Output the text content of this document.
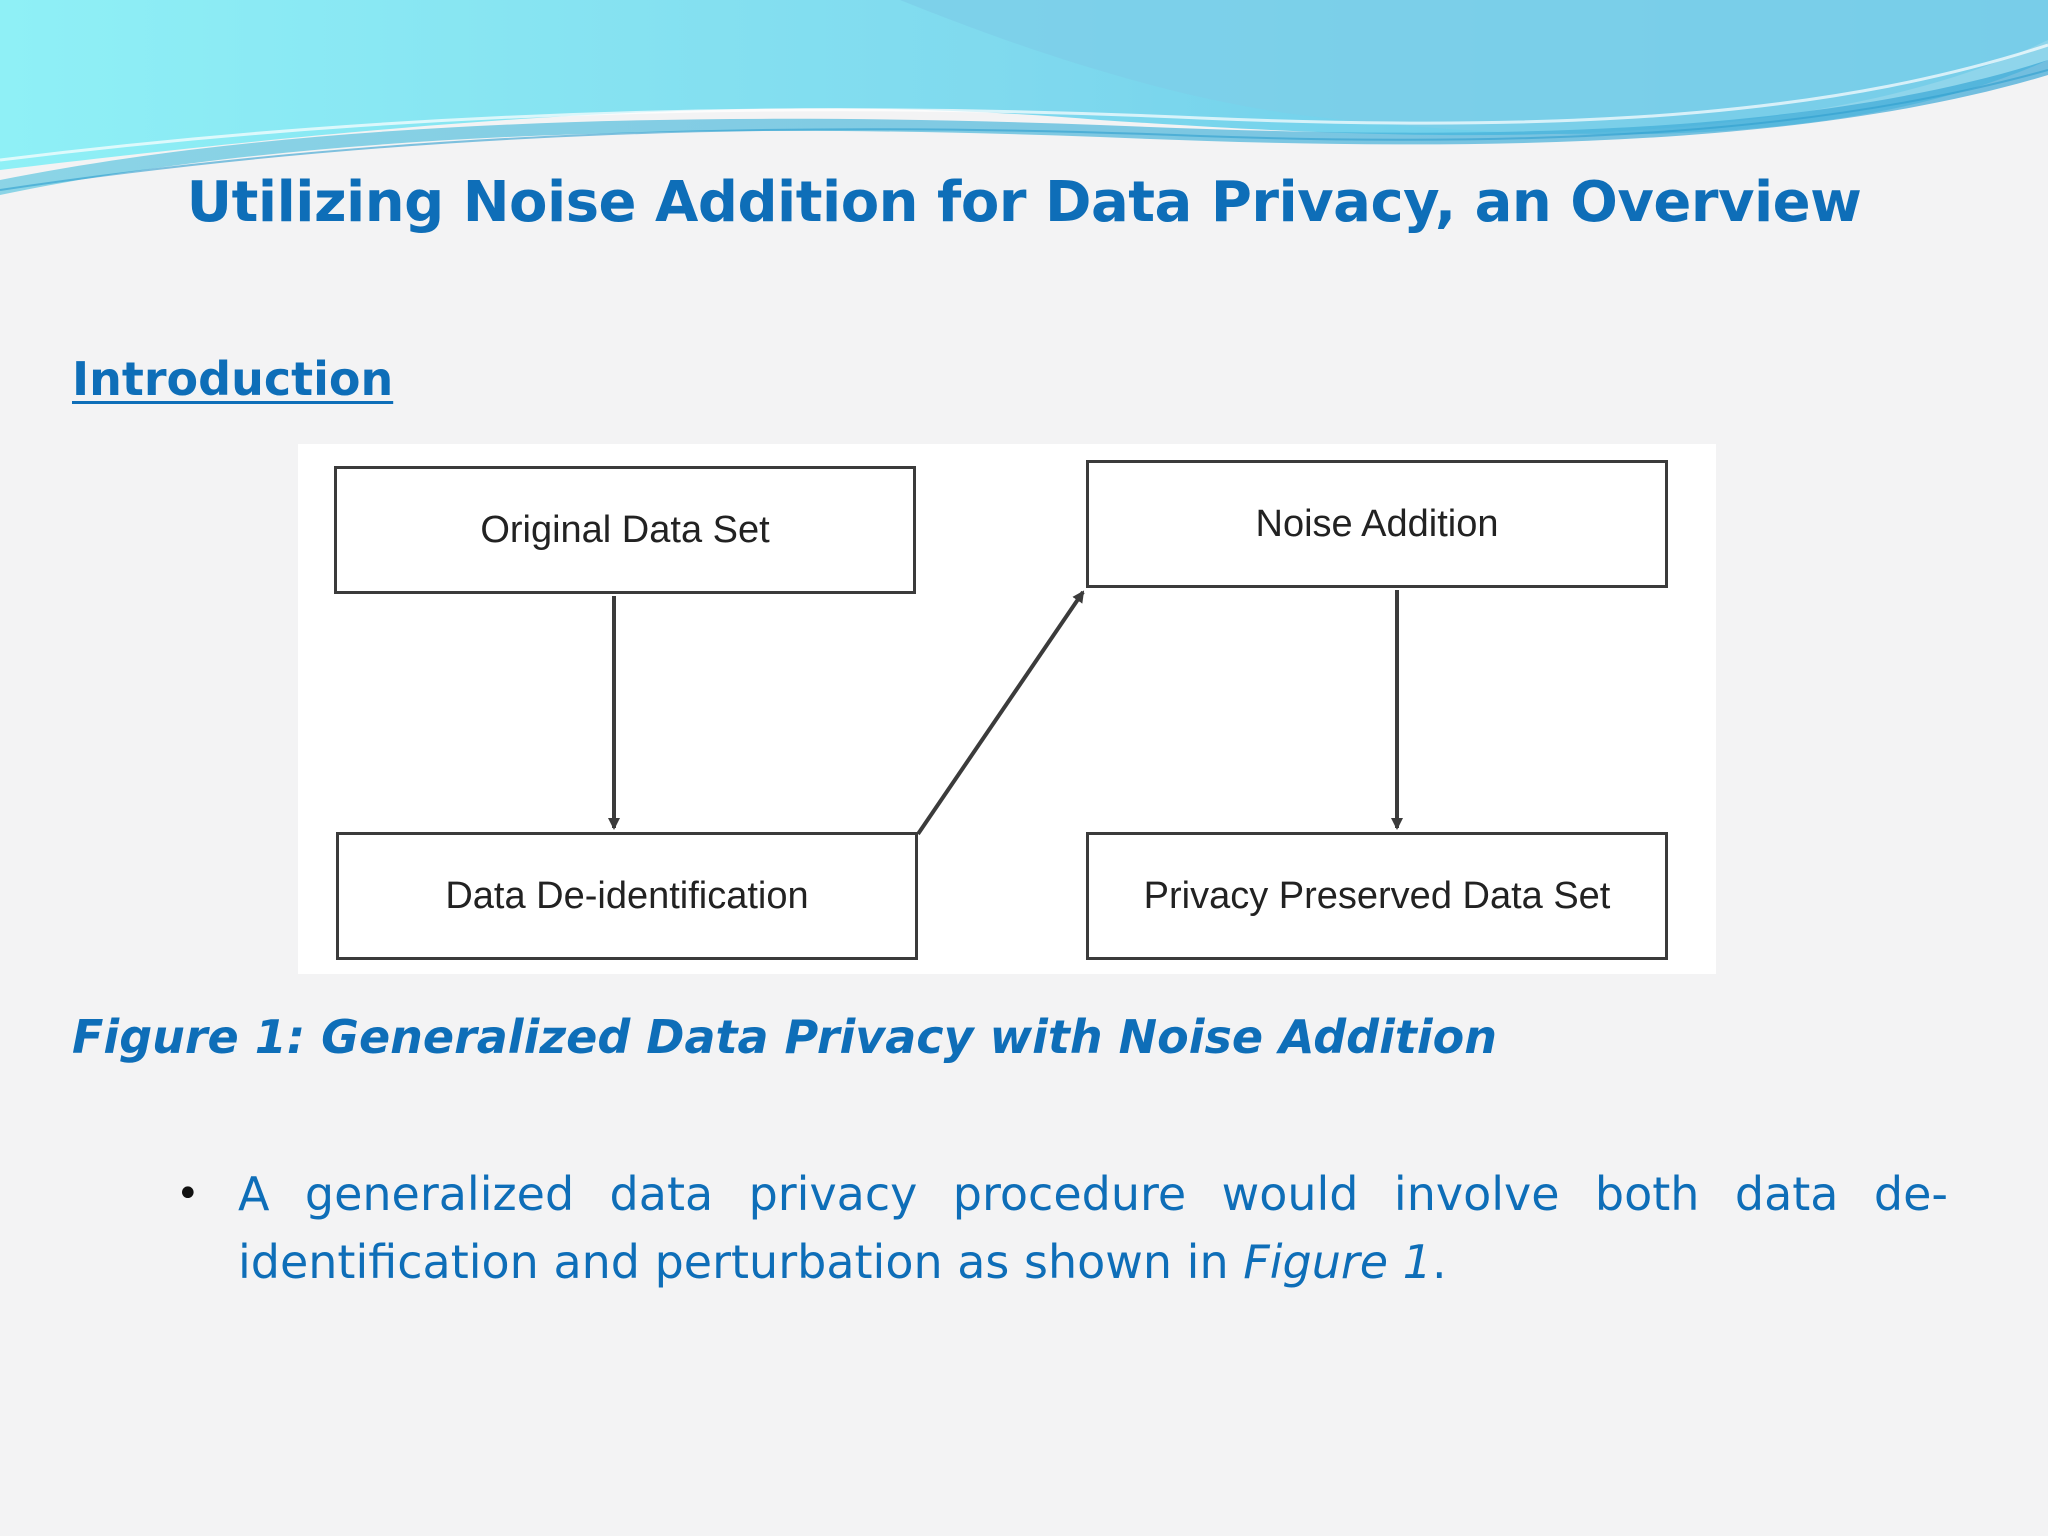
Utilizing Noise Addition for Data Privacy, an Overview
Introduction
Original Data Set
Data De-identification
Noise Addition
Privacy Preserved Data Set

Figure 1: Generalized Data Privacy with Noise Addition

• A generalized data privacy procedure would involve both data de-identification and perturbation as shown in Figure 1.
